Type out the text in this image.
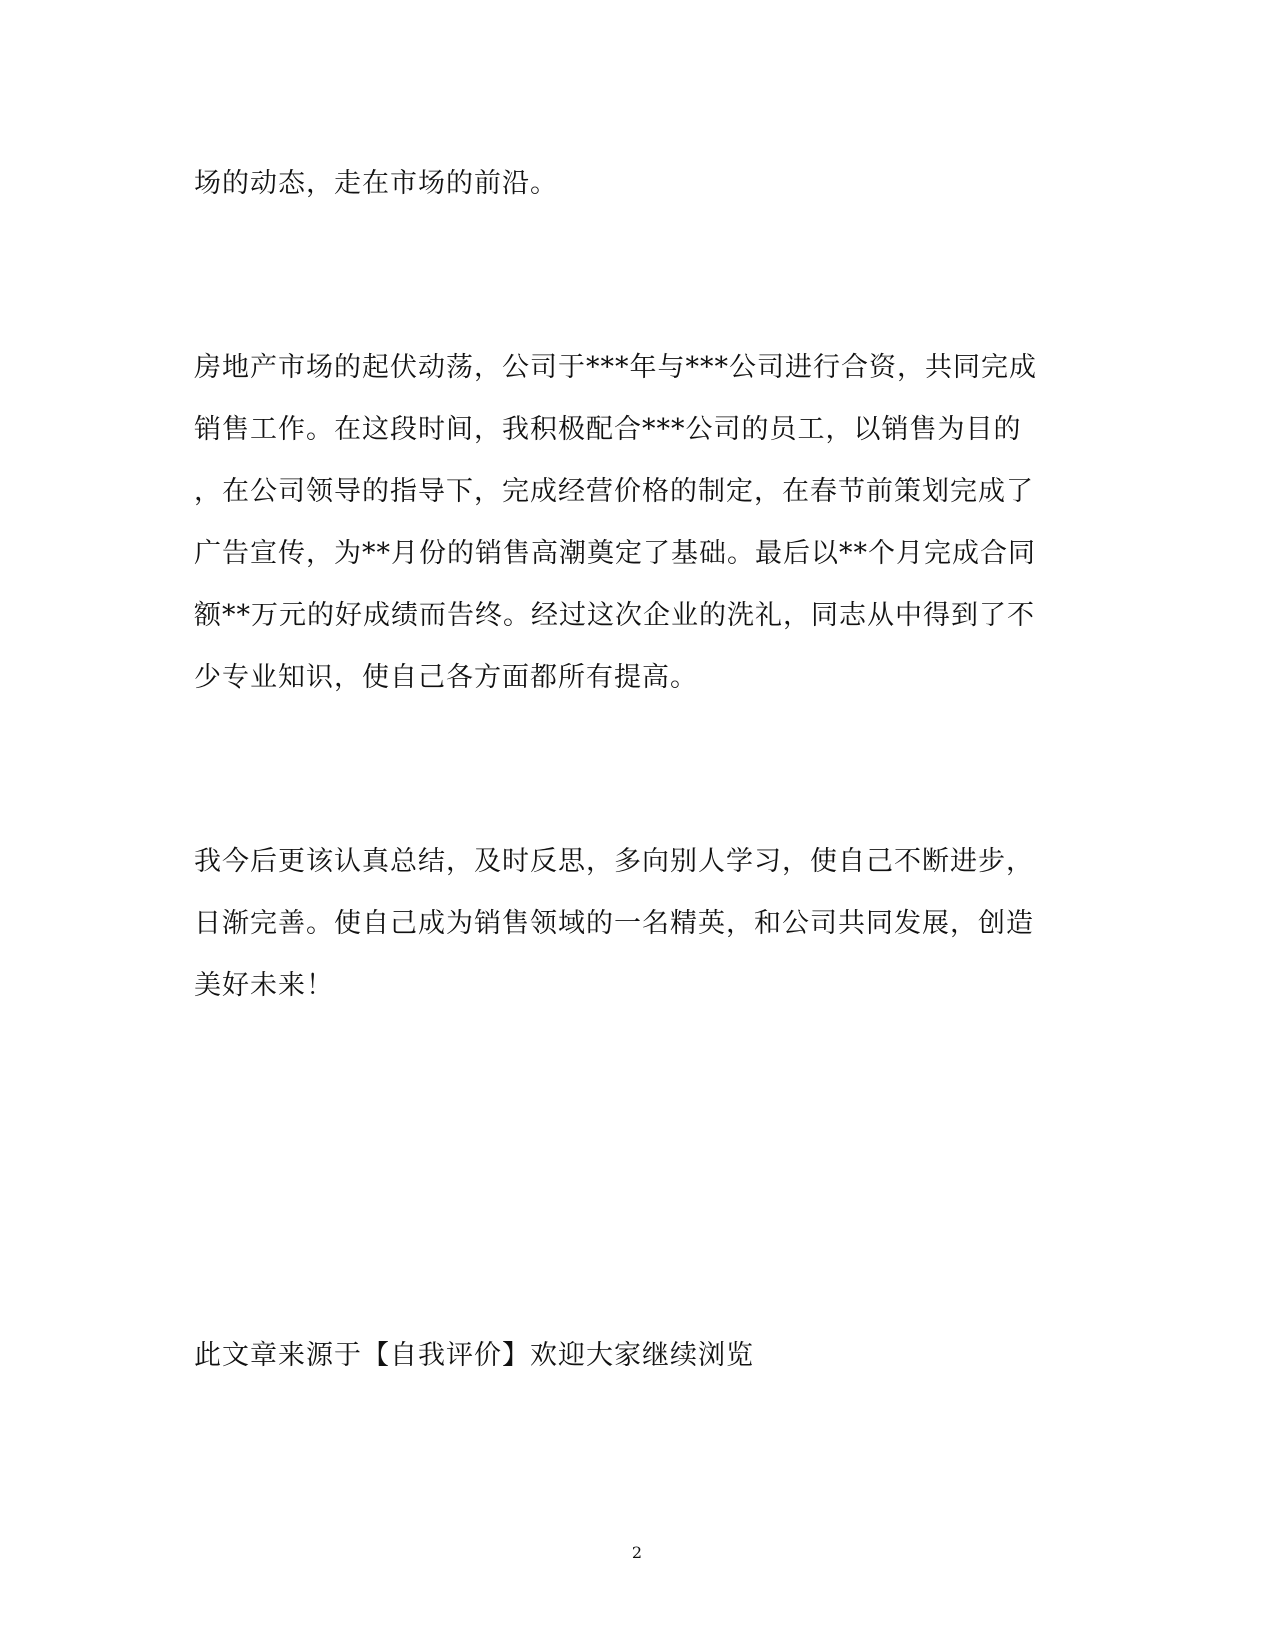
场的动态，走在市场的前沿。
房地产市场的起伏动荡，公司于***年与***公司进行合资，共同完成
销售工作。在这段时间，我积极配合***公司的员工，以销售为目的
，在公司领导的指导下，完成经营价格的制定，在春节前策划完成了
广告宣传，为**月份的销售高潮奠定了基础。最后以**个月完成合同
额**万元的好成绩而告终。经过这次企业的洗礼，同志从中得到了不
少专业知识，使自己各方面都所有提高。
我今后更该认真总结，及时反思，多向别人学习，使自己不断进步，
日渐完善。使自己成为销售领域的一名精英，和公司共同发展，创造
美好未来！
此文章来源于【自我评价】欢迎大家继续浏览
2
